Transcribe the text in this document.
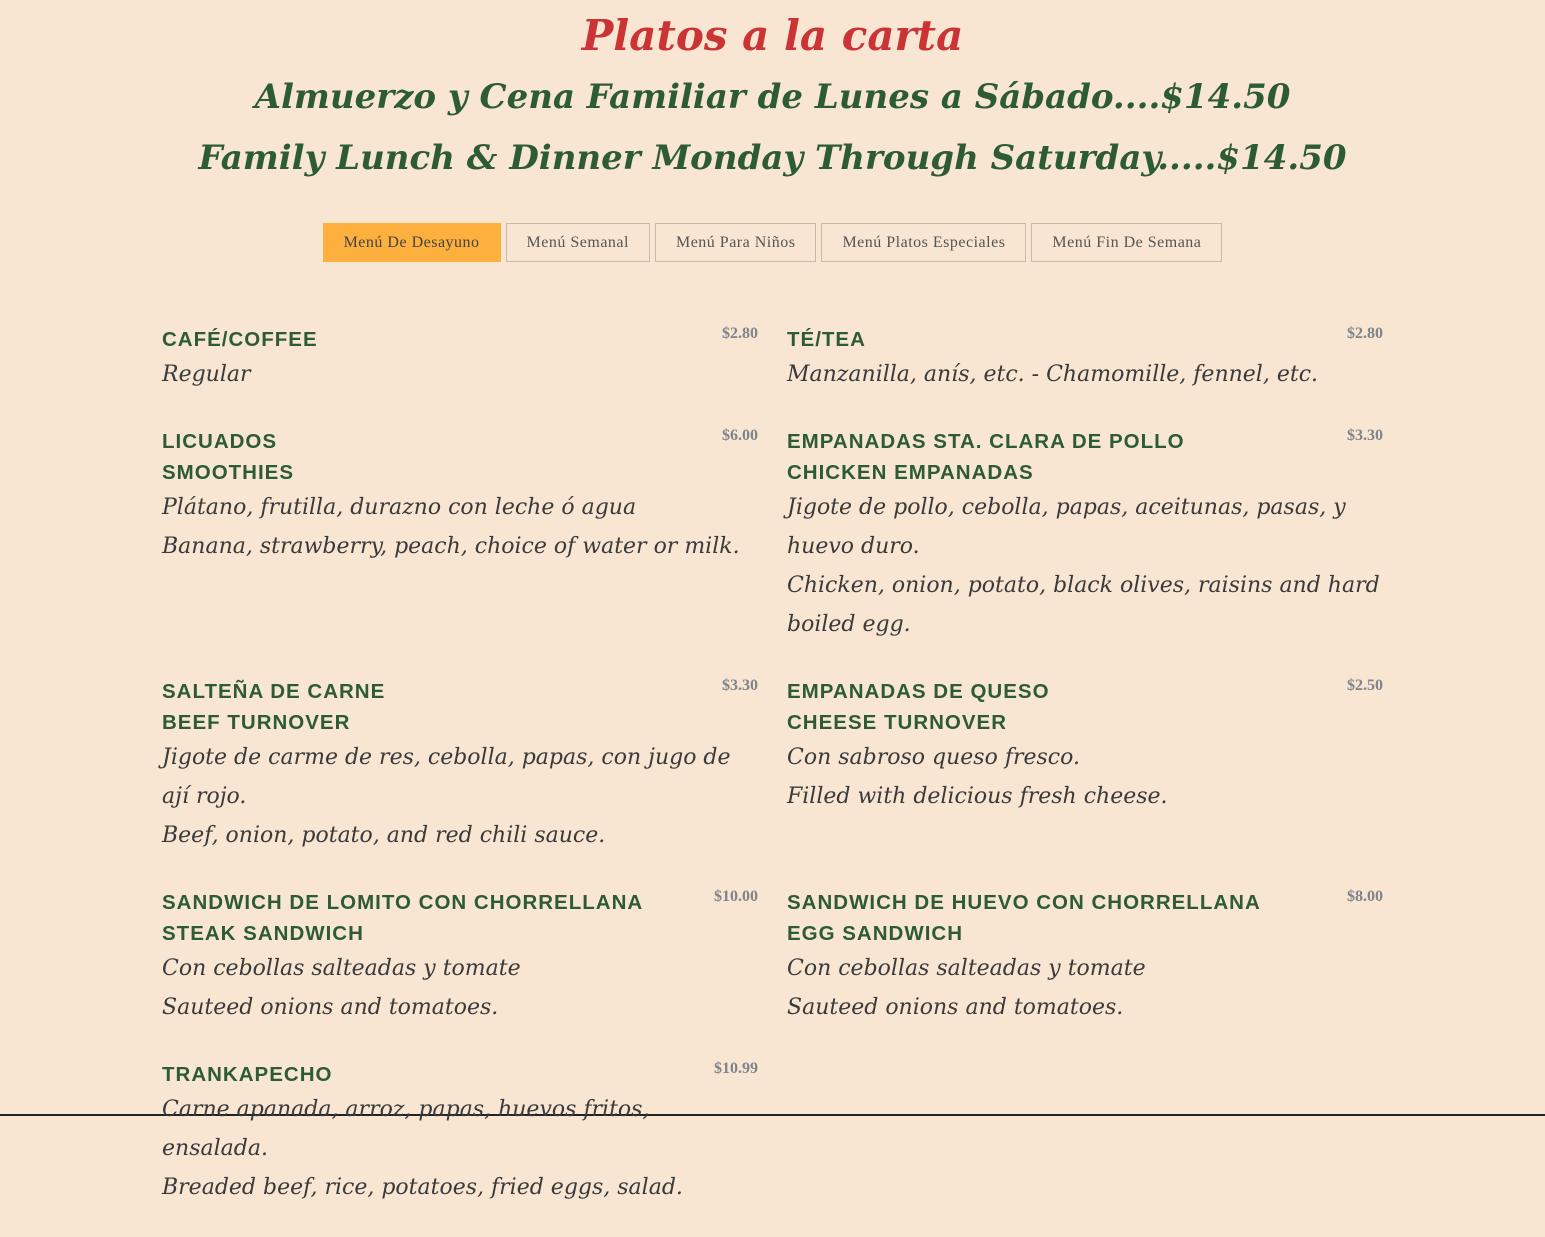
Platos a la carta
Almuerzo y Cena Familiar de Lunes a Sábado....$14.50
Family Lunch & Dinner Monday Through Saturday.....$14.50
Menú De Desayuno	Menú Semanal	Menú Para Niños	Menú Platos Especiales	Menú Fin De Semana
CAFÉ/COFFEE	$2.80
Regular
TÉ/TEA	$2.80
Manzanilla, anís, etc. - Chamomille, fennel, etc.
LICUADOS
SMOOTHIES
$6.00
Plátano, frutilla, durazno con leche ó agua
Banana, strawberry, peach, choice of water or milk.
EMPANADAS STA. CLARA DE POLLO
CHICKEN EMPANADAS
$3.30
Jigote de pollo, cebolla, papas, aceitunas, pasas, y huevo duro.
Chicken, onion, potato, black olives, raisins and hard boiled egg.
SALTEÑA DE CARNE
BEEF TURNOVER
$3.30
Jigote de carme de res, cebolla, papas, con jugo de ají rojo.
Beef, onion, potato, and red chili sauce.
EMPANADAS DE QUESO
CHEESE TURNOVER
$2.50
Con sabroso queso fresco.
Filled with delicious fresh cheese.
SANDWICH DE LOMITO CON CHORRELLANA
STEAK SANDWICH
$10.00
Con cebollas salteadas y tomate
Sauteed onions and tomatoes.
SANDWICH DE HUEVO CON CHORRELLANA
EGG SANDWICH
$8.00
Con cebollas salteadas y tomate
Sauteed onions and tomatoes.
TRANKAPECHO	$10.99
Carne apanada, arroz, papas, huevos fritos, ensalada.
Breaded beef, rice, potatoes, fried eggs, salad.
